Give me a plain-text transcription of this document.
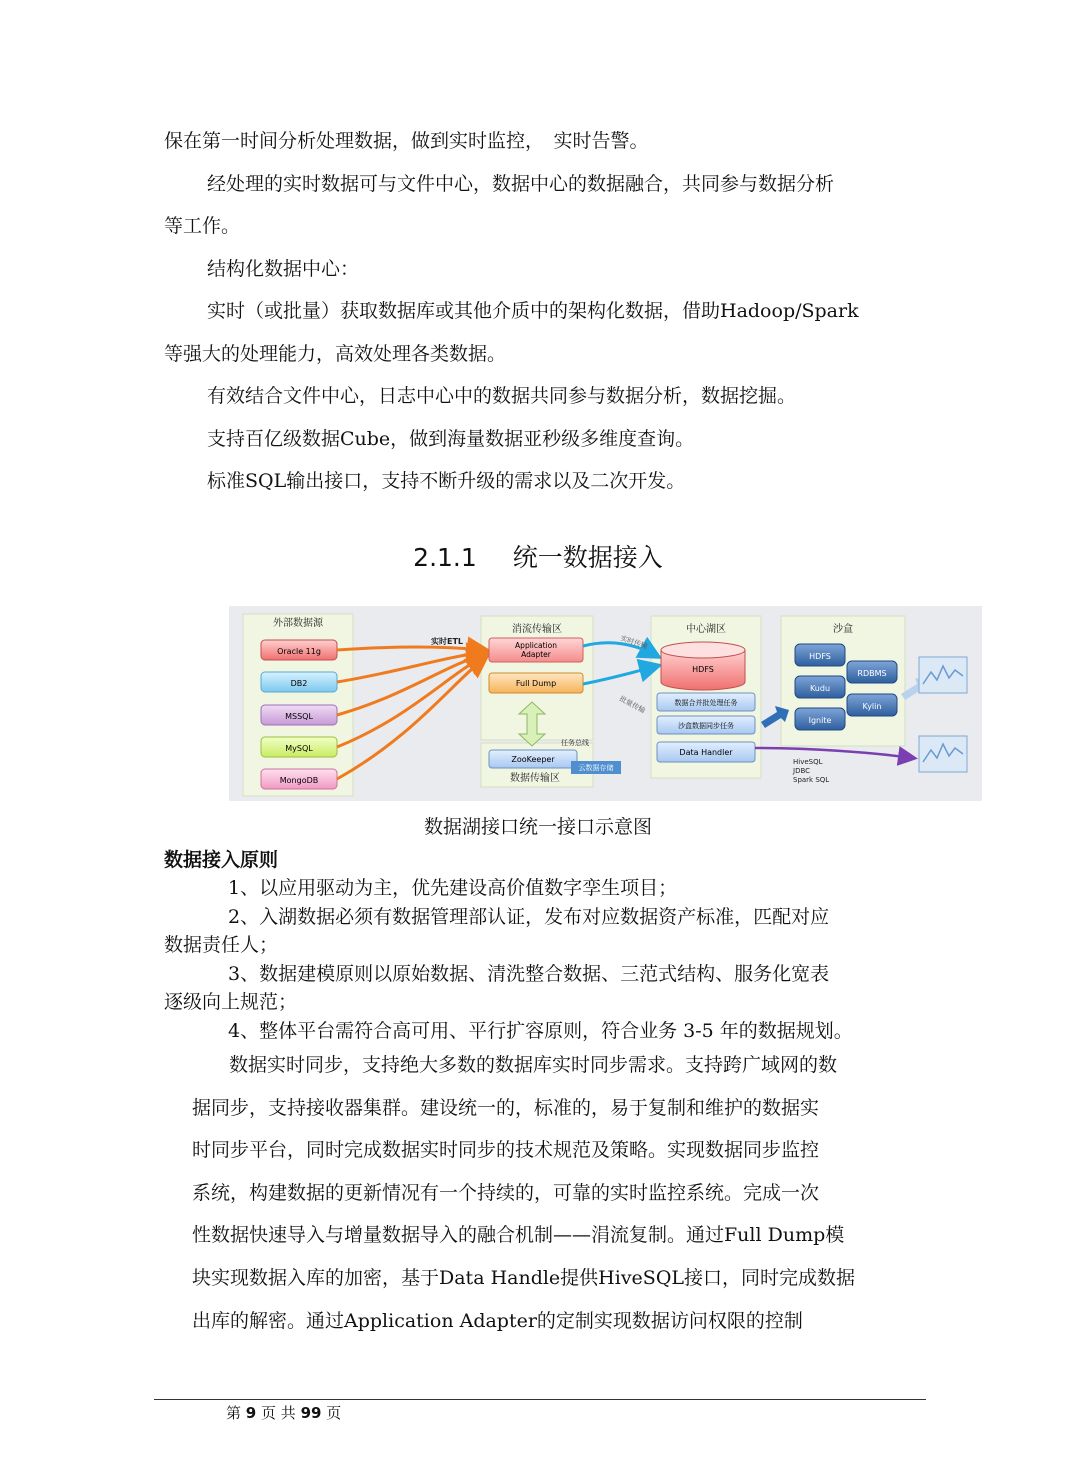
保在第一时间分析处理数据，做到实时监控，　实时告警。
经处理的实时数据可与文件中心，数据中心的数据融合，共同参与数据分析
等工作。
结构化数据中心：
实时（或批量）获取数据库或其他介质中的架构化数据，借助Hadoop/Spark
等强大的处理能力，高效处理各类数据。
有效结合文件中心，日志中心中的数据共同参与数据分析，数据挖掘。
支持百亿级数据Cube，做到海量数据亚秒级多维度查询。
标准SQL输出接口，支持不断升级的需求以及二次开发。
2.1.1 统一数据接入
外部数据源
消流传输区	中心湖区	沙盒
数据传输区
Oracle 11g
DB2
MSSQL
MySQL
MongoDB
实时ETL	Application
Adapter
Full Dump
任务总线
ZooKeeper
云数据存储
实时传输
批量传输
HDFS
数据合并批处理任务
沙盒数据同步任务
Data Handler
HDFS
RDBMS
Kudu
Kylin
Ignite
HiveSQL
JDBC
Spark SQL
数据湖接口统一接口示意图
数据接入原则
1、以应用驱动为主，优先建设高价值数字孪生项目；
2、入湖数据必须有数据管理部认证，发布对应数据资产标准，匹配对应
数据责任人；
3、数据建模原则以原始数据、清洗整合数据、三范式结构、服务化宽表
逐级向上规范；
4、整体平台需符合高可用、平行扩容原则，符合业务 3-5 年的数据规划。
数据实时同步，支持绝大多数的数据库实时同步需求。支持跨广域网的数
据同步，支持接收器集群。建设统一的，标准的，易于复制和维护的数据实
时同步平台，同时完成数据实时同步的技术规范及策略。实现数据同步监控
系统，构建数据的更新情况有一个持续的，可靠的实时监控系统。完成一次
性数据快速导入与增量数据导入的融合机制——涓流复制。通过Full Dump模
块实现数据入库的加密，基于Data Handle提供HiveSQL接口，同时完成数据
出库的解密。通过Application Adapter的定制实现数据访问权限的控制
第 9 页 共 99 页
